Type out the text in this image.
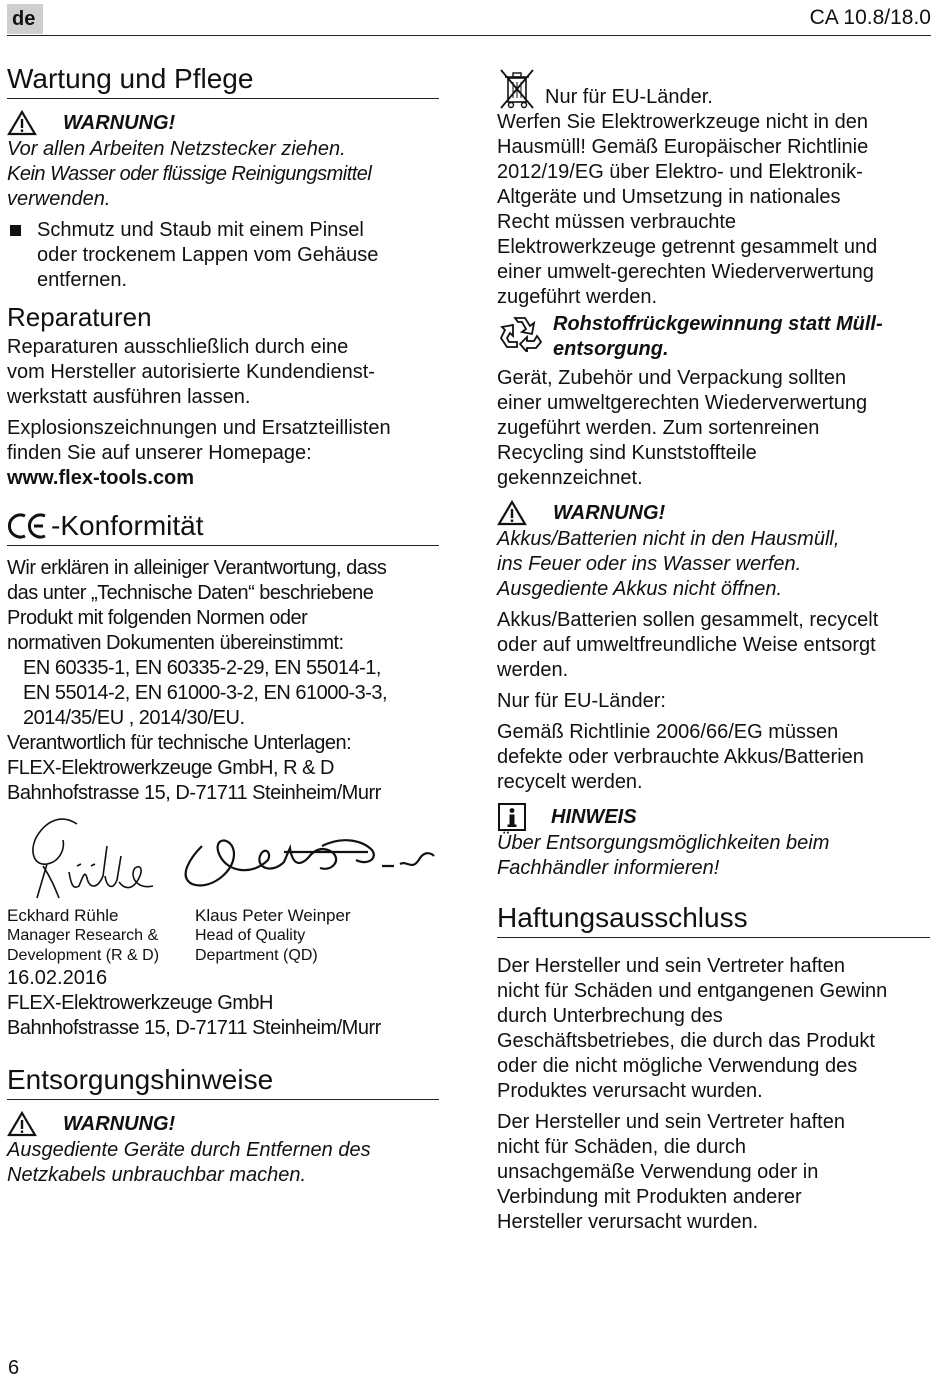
de	CA 10.8/18.0
Wartung und Pflege
WARNUNG!

Vor allen Arbeiten Netzstecker ziehen.

Kein Wasser oder flüssige Reinigungsmittel

verwenden.

Schmutz und Staub mit einem Pinsel

oder trockenem Lappen vom Gehäuse

entfernen.

Reparaturen

Reparaturen ausschließlich durch eine

vom Hersteller autorisierte Kundendienst-

werkstatt ausführen lassen.

Explosionszeichnungen und Ersatzteillisten

finden Sie auf unserer Homepage:

www.flex-tools.com

-Konformität

Wir erklären in alleiniger Verantwortung, dass

das unter „Technische Daten“ beschriebene

Produkt mit folgenden Normen oder

normativen Dokumenten übereinstimmt:

EN 60335-1, EN 60335-2-29, EN 55014-1,

EN 55014-2, EN 61000-3-2, EN 61000-3-3,

2014/35/EU , 2014/30/EU.

Verantwortlich für technische Unterlagen:

FLEX-Elektrowerkzeuge GmbH, R & D

Bahnhofstrasse 15, D-71711 Steinheim/Murr

Eckhard Rühle

Manager Research &

Development (R & D)

Klaus Peter Weinper

Head of Quality

Department (QD)

16.02.2016

FLEX-Elektrowerkzeuge GmbH

Bahnhofstrasse 15, D-71711 Steinheim/Murr

Entsorgungshinweise
WARNUNG!

Ausgediente Geräte durch Entfernen des

Netzkabels unbrauchbar machen.

Nur für EU-Länder.

Werfen Sie Elektrowerkzeuge nicht in den

Hausmüll! Gemäß Europäischer Richtlinie

2012/19/EG über Elektro- und Elektronik-

Altgeräte und Umsetzung in nationales

Recht müssen verbrauchte

Elektrowerkzeuge getrennt gesammelt und

einer umwelt-gerechten Wiederverwertung

zugeführt werden.

Rohstoffrückgewinnung statt Müll-

entsorgung.

Gerät, Zubehör und Verpackung sollten

einer umweltgerechten Wiederverwertung

zugeführt werden. Zum sortenreinen

Recycling sind Kunststoffteile

gekennzeichnet.

WARNUNG!

Akkus/Batterien nicht in den Hausmüll,

ins Feuer oder ins Wasser werfen.

Ausgediente Akkus nicht öffnen.

Akkus/Batterien sollen gesammelt, recycelt

oder auf umweltfreundliche Weise entsorgt

werden.

Nur für EU-Länder:

Gemäß Richtlinie 2006/66/EG müssen

defekte oder verbrauchte Akkus/Batterien

recycelt werden.

HINWEIS

Über Entsorgungsmöglichkeiten beim

Fachhändler informieren!

Haftungsausschluss

Der Hersteller und sein Vertreter haften

nicht für Schäden und entgangenen Gewinn

durch Unterbrechung des

Geschäftsbetriebes, die durch das Produkt

oder die nicht mögliche Verwendung des

Produktes verursacht wurden.

Der Hersteller und sein Vertreter haften

nicht für Schäden, die durch

unsachgemäße Verwendung oder in

Verbindung mit Produkten anderer

Hersteller verursacht wurden.

6
